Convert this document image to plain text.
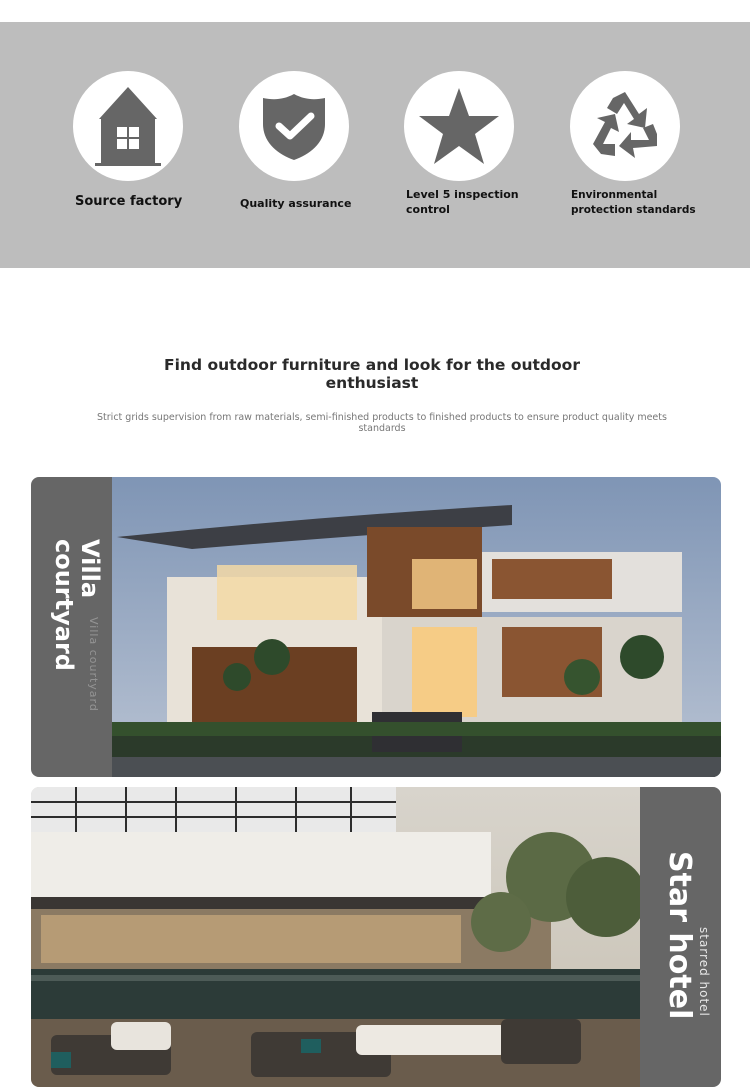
Source factory	Quality assurance
Level 5 inspection control
Environmental protection standards
Find outdoor furniture and look for the outdoor enthusiast
Strict grids supervision from raw materials, semi-finished products to finished products to ensure product quality meets standards
Villa courtyard Villa courtyard
Star hotel starred hotel
